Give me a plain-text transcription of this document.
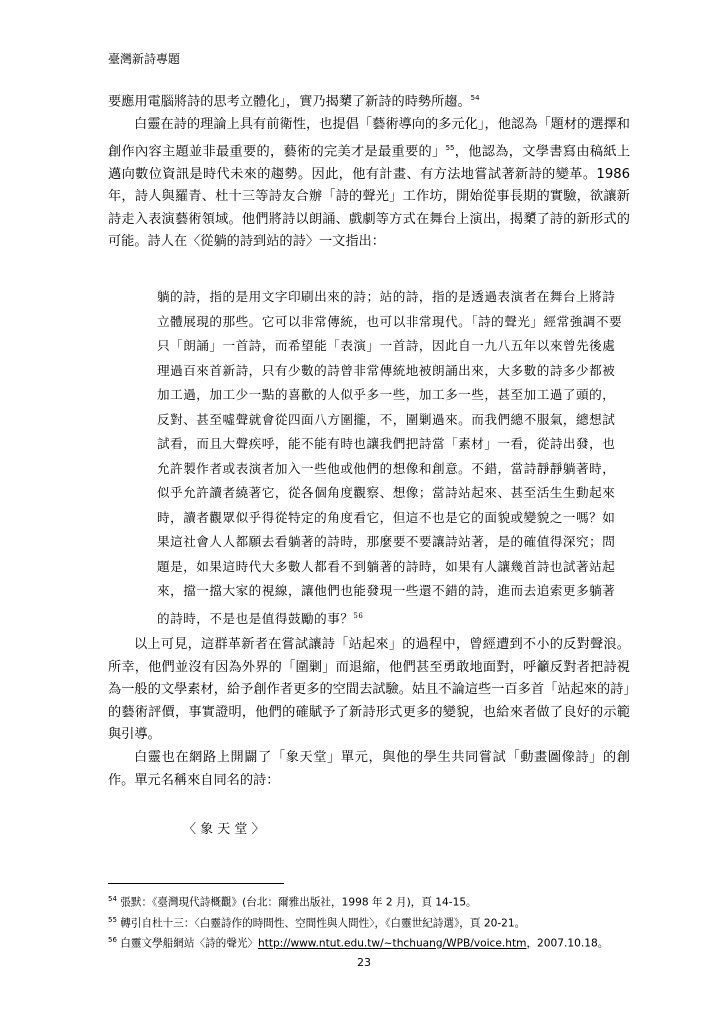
臺灣新詩專題
要應用電腦將詩的思考立體化」，實乃揭櫫了新詩的時勢所趨。$^{54}$
白靈在詩的理論上具有前衛性，也提倡「藝術導向的多元化」，他認為「題材的選擇和創作內容主題並非最重要的，藝術的完美才是最重要的」$^{55}$，他認為，文學書寫由稿紙上邁向數位資訊是時代未來的趨勢。因此，他有計畫、有方法地嘗試著新詩的變革。1986 年，詩人與羅青、杜十三等詩友合辦「詩的聲光」工作坊，開始從事長期的實驗，欲讓新詩走入表演藝術領域。他們將詩以朗誦、戲劇等方式在舞台上演出，揭櫫了詩的新形式的可能。詩人在〈從躺的詩到站的詩〉一文指出：
躺的詩，指的是用文字印刷出來的詩；站的詩，指的是透過表演者在舞台上將詩立體展現的那些。它可以非常傳統，也可以非常現代。「詩的聲光」經常強調不要只「朗誦」一首詩，而希望能「表演」一首詩，因此自一九八五年以來曾先後處理過百來首新詩，只有少數的詩曾非常傳統地被朗誦出來，大多數的詩多少都被加工過，加工少一點的喜歡的人似乎多一些，加工多一些，甚至加工過了頭的，反對、甚至噓聲就會從四面八方圍攏，不，圍剿過來。而我們總不服氣，總想試試看，而且大聲疾呼，能不能有時也讓我們把詩當「素材」一看，從詩出發，也允許製作者或表演者加入一些他或他們的想像和創意。不錯，當詩靜靜躺著時，似乎允許讀者繞著它，從各個角度觀察、想像；當詩站起來、甚至活生生動起來時，讀者觀眾似乎得從特定的角度看它，但這不也是它的面貌或變貌之一嗎？如果這社會人人都願去看躺著的詩時，那麼要不要讓詩站著，是的確值得深究；問題是，如果這時代大多數人都看不到躺著的詩時，如果有人讓幾首詩也試著站起來，擋一擋大家的視線，讓他們也能發現一些還不錯的詩，進而去追索更多躺著的詩時，不是也是值得鼓勵的事？$^{56}$
以上可見，這群革新者在嘗試讓詩「站起來」的過程中，曾經遭到不小的反對聲浪。所幸，他們並沒有因為外界的「圍剿」而退縮，他們甚至勇敢地面對，呼籲反對者把詩視為一般的文學素材，給予創作者更多的空間去試驗。姑且不論這些一百多首「站起來的詩」的藝術評價，事實證明，他們的確賦予了新詩形式更多的變貌，也給來者做了良好的示範與引導。
白靈也在網路上開闢了「象天堂」單元，與他的學生共同嘗試「動畫圖像詩」的創作。單元名稱來自同名的詩：
〈 象 天 堂 〉
$^{54}$ 張默：《臺灣現代詩概觀》(台北：爾雅出版社，1998 年 2 月)，頁 14-15。
$^{55}$ 轉引自杜十三：〈白靈詩作的時間性、空間性與人間性〉，《白靈世紀詩選》，頁 20-21。
$^{56}$ 白靈文學船網站〈詩的聲光〉http://www.ntut.edu.tw/~thchuang/WPB/voice.htm，2007.10.18。
23
